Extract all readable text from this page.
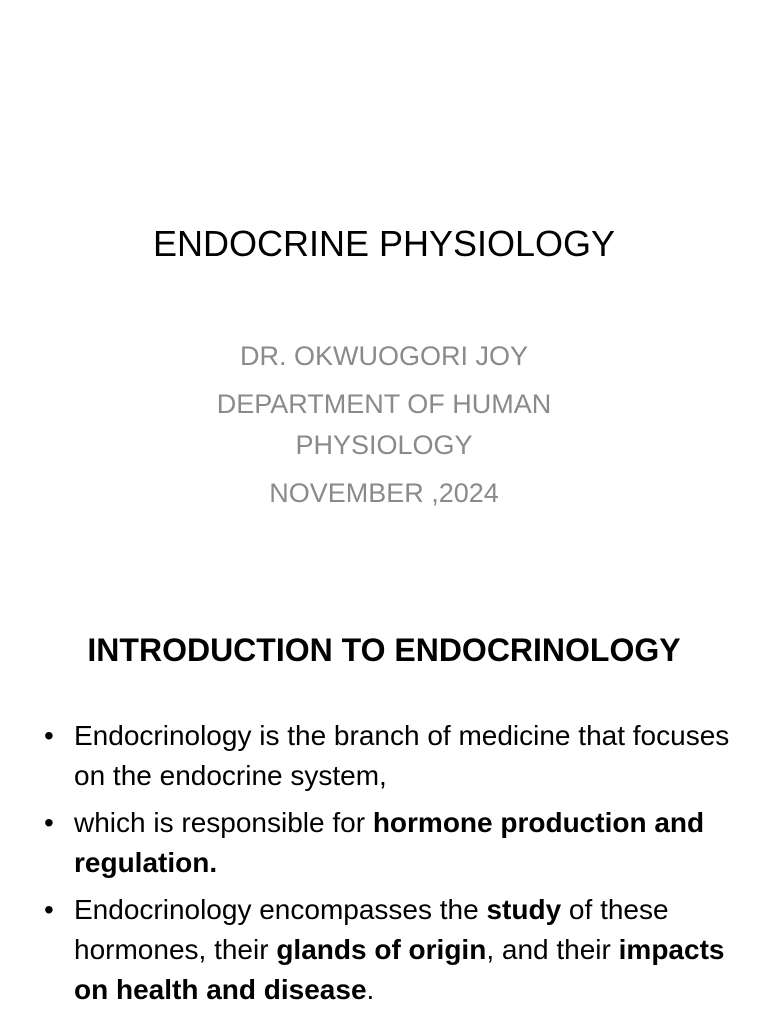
ENDOCRINE PHYSIOLOGY
DR. OKWUOGORI JOY
DEPARTMENT OF HUMAN PHYSIOLOGY
NOVEMBER ,2024
INTRODUCTION TO ENDOCRINOLOGY
• Endocrinology is the branch of medicine that focuses on the endocrine system,
• which is responsible for hormone production and regulation.
• Endocrinology encompasses the study of these hormones, their glands of origin, and their impacts on health and disease.
